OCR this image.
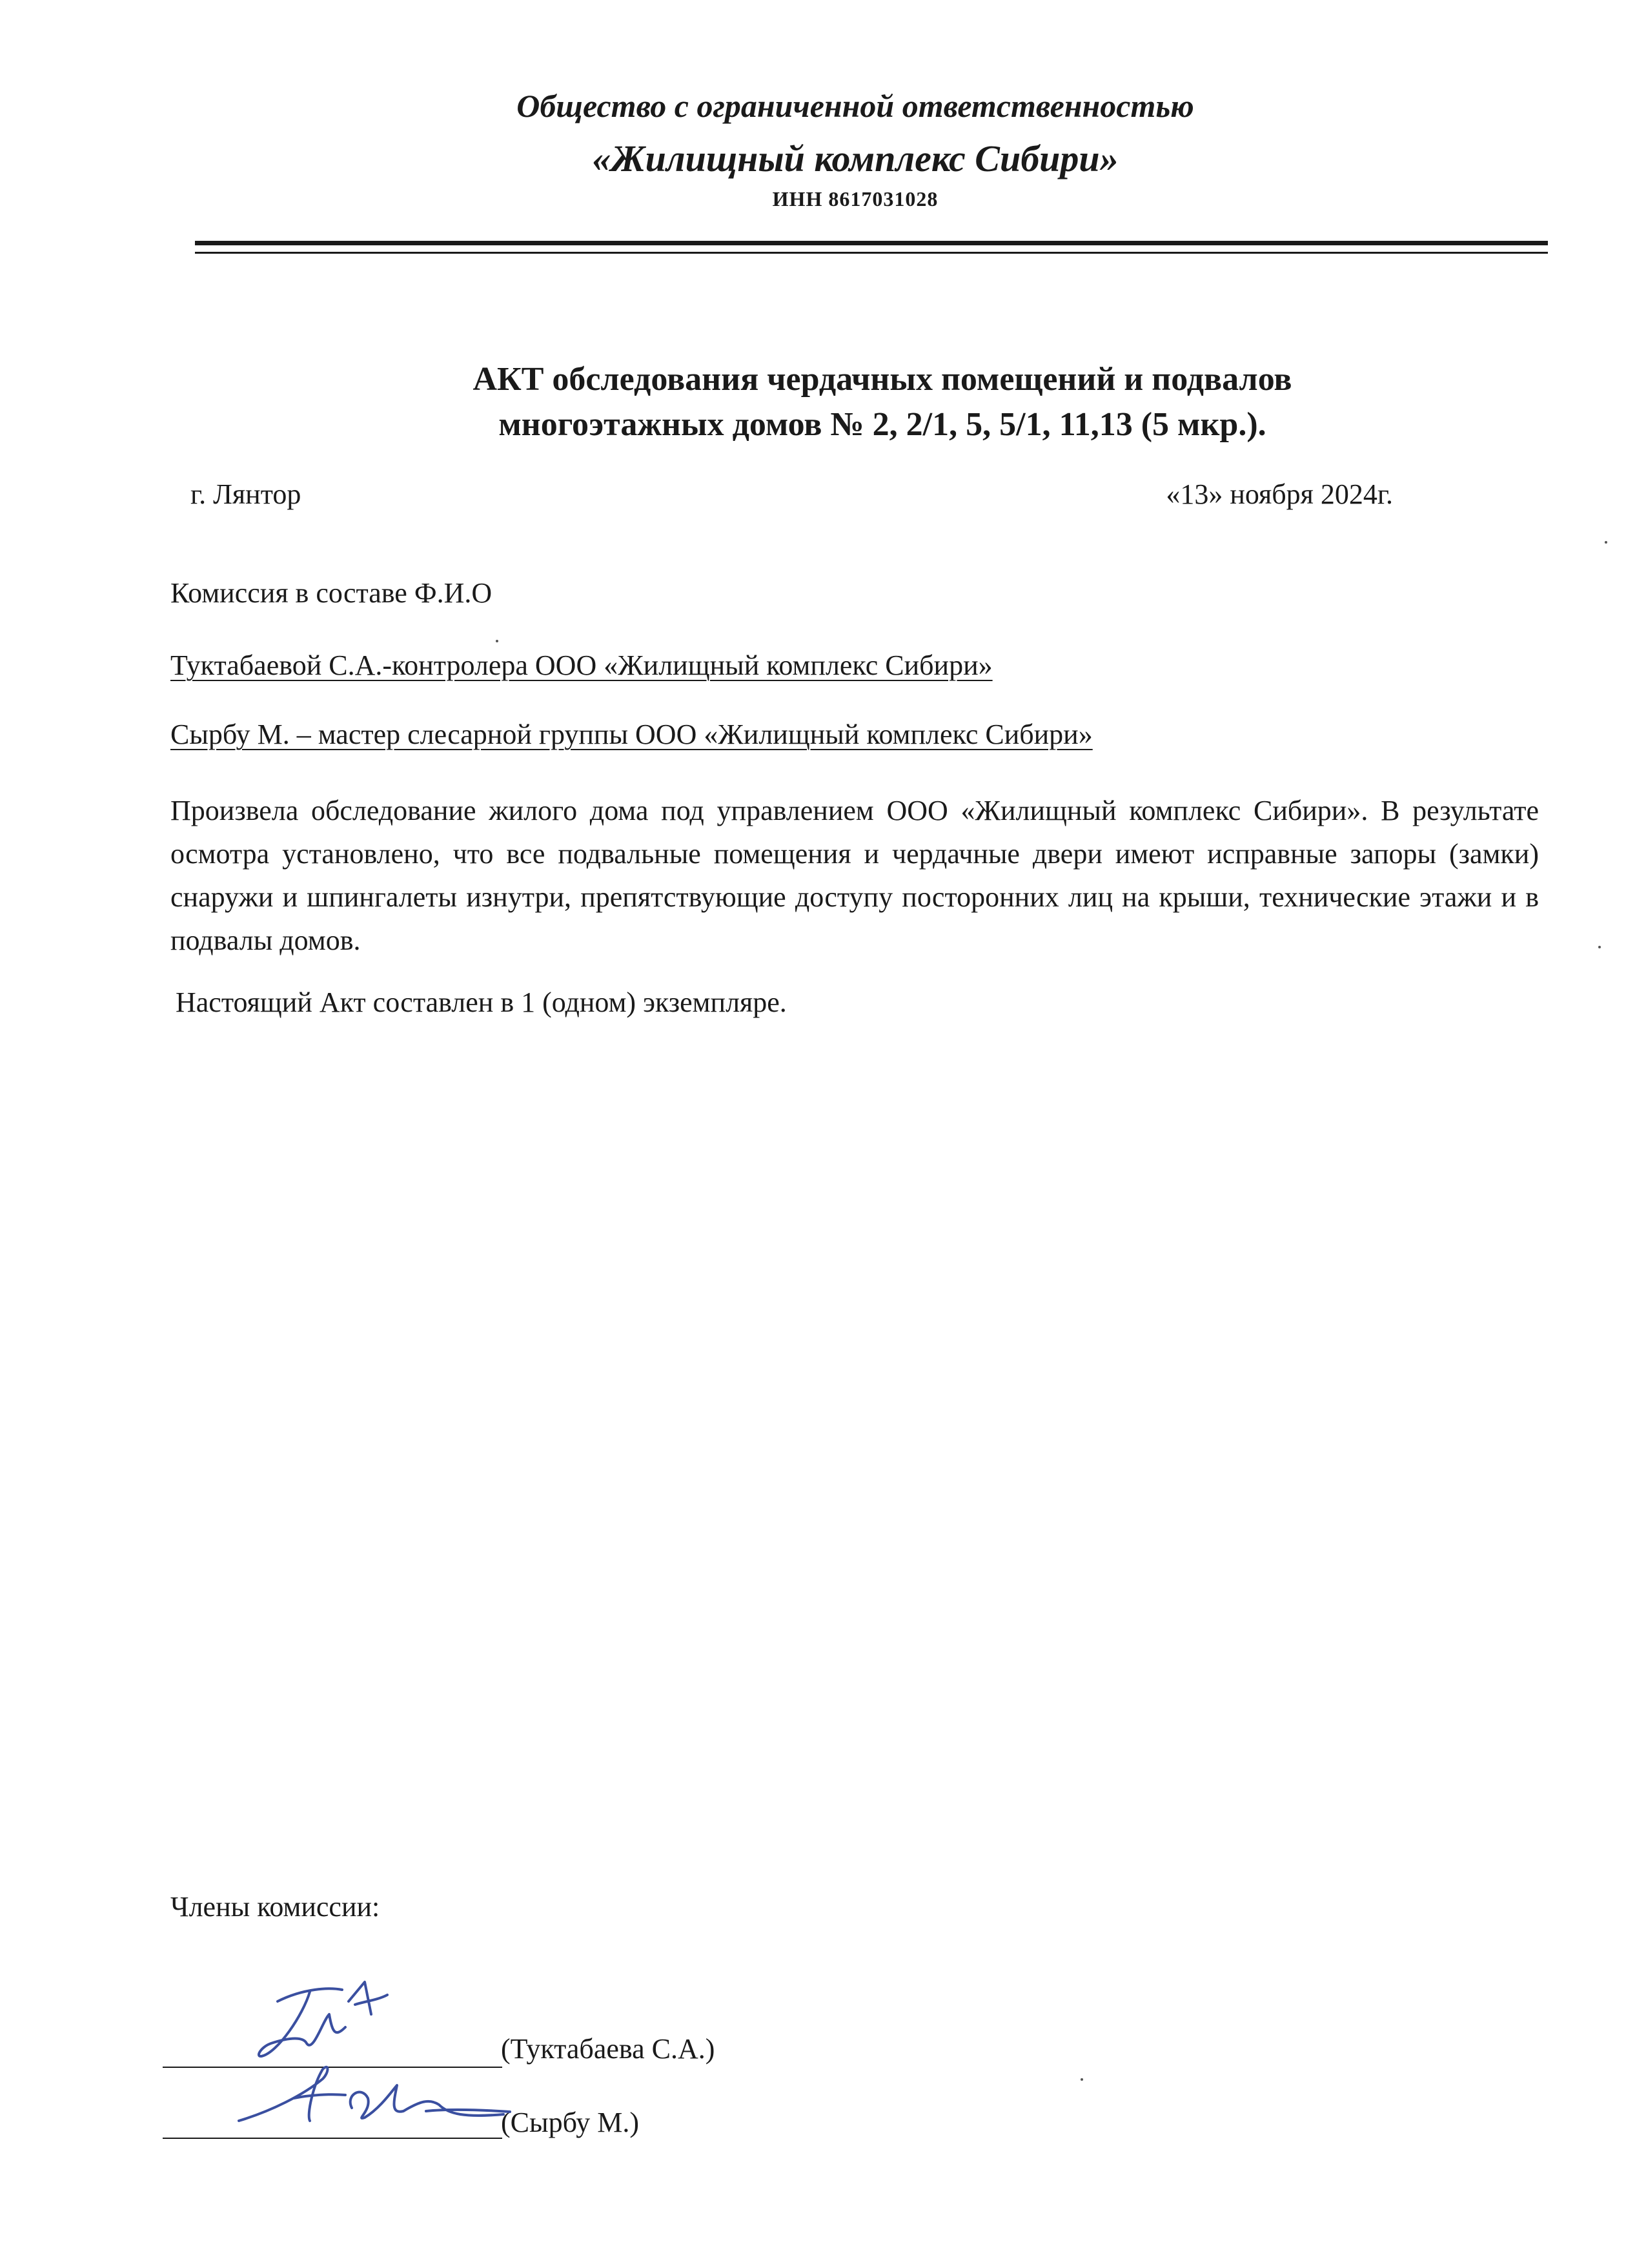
Общество с ограниченной ответственностью
«Жилищный комплекс Сибири»
ИНН 8617031028
АКТ обследования чердачных помещений и подвалов
многоэтажных домов № 2, 2/1, 5, 5/1, 11,13 (5 мкр.).
г. Лянтор	«13» ноября 2024г.
Комиссия в составе Ф.И.О
Туктабаевой С.А.-контролера ООО «Жилищный комплекс Сибири»
Сырбу М. – мастер слесарной группы ООО «Жилищный комплекс Сибири»
Произвела обследование жилого дома под управлением ООО «Жилищный комплекс Сибири». В результате осмотра установлено, что все подвальные помещения и чердачные двери имеют исправные запоры (замки) снаружи и шпингалеты изнутри, препятствующие доступу посторонних лиц на крыши, технические этажи и в подвалы домов.
Настоящий Акт составлен в 1 (одном) экземпляре.
Члены комиссии:
(Туктабаева С.А.)
(Сырбу М.)
